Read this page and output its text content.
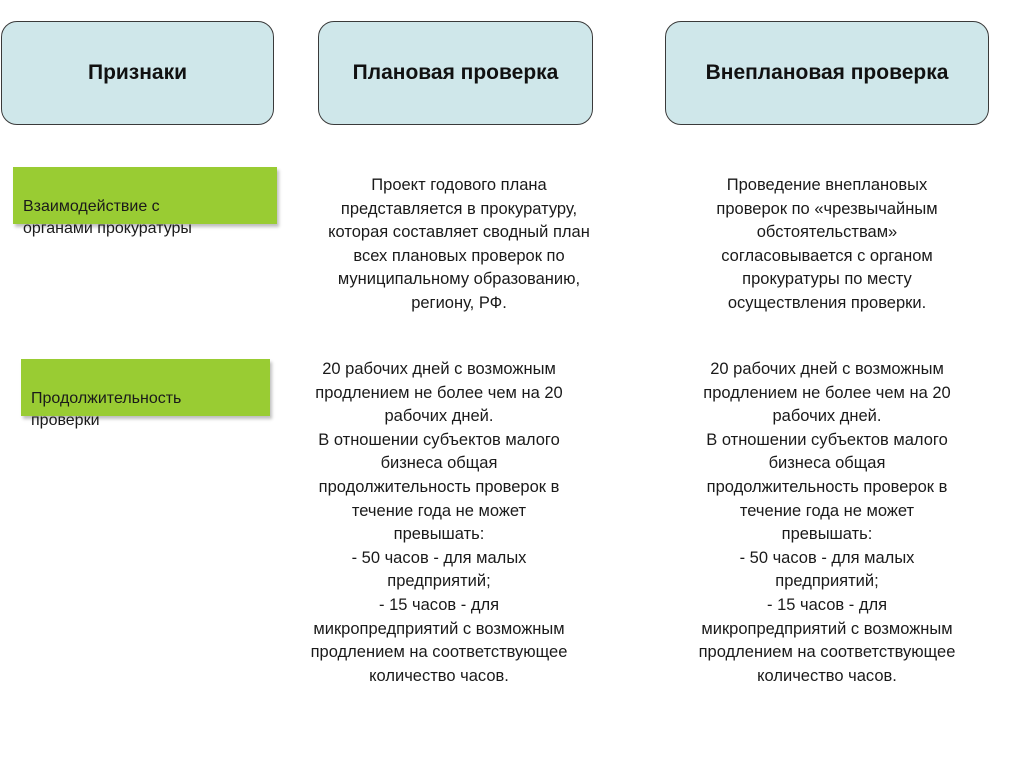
Признаки	Плановая проверка	Внеплановая проверка

Взаимодействие с
органами прокуратуры

Проект годового плана
представляется в прокуратуру,
которая составляет сводный план
всех плановых проверок по
муниципальному образованию,
региону, РФ.
Проведение внеплановых
проверок по «чрезвычайным
обстоятельствам»
согласовывается с органом
прокуратуры по месту
осуществления проверки.

Продолжительность
проверки

20 рабочих дней с возможным
продлением не более чем на 20
рабочих дней.
В отношении субъектов малого
бизнеса общая
продолжительность проверок в
течение года не может
превышать:
- 50 часов - для малых
предприятий;
- 15 часов - для
микропредприятий с возможным
продлением на соответствующее
количество часов.
20 рабочих дней с возможным
продлением не более чем на 20
рабочих дней.
В отношении субъектов малого
бизнеса общая
продолжительность проверок в
течение года не может
превышать:
- 50 часов - для малых
предприятий;
- 15 часов - для
микропредприятий с возможным
продлением на соответствующее
количество часов.
